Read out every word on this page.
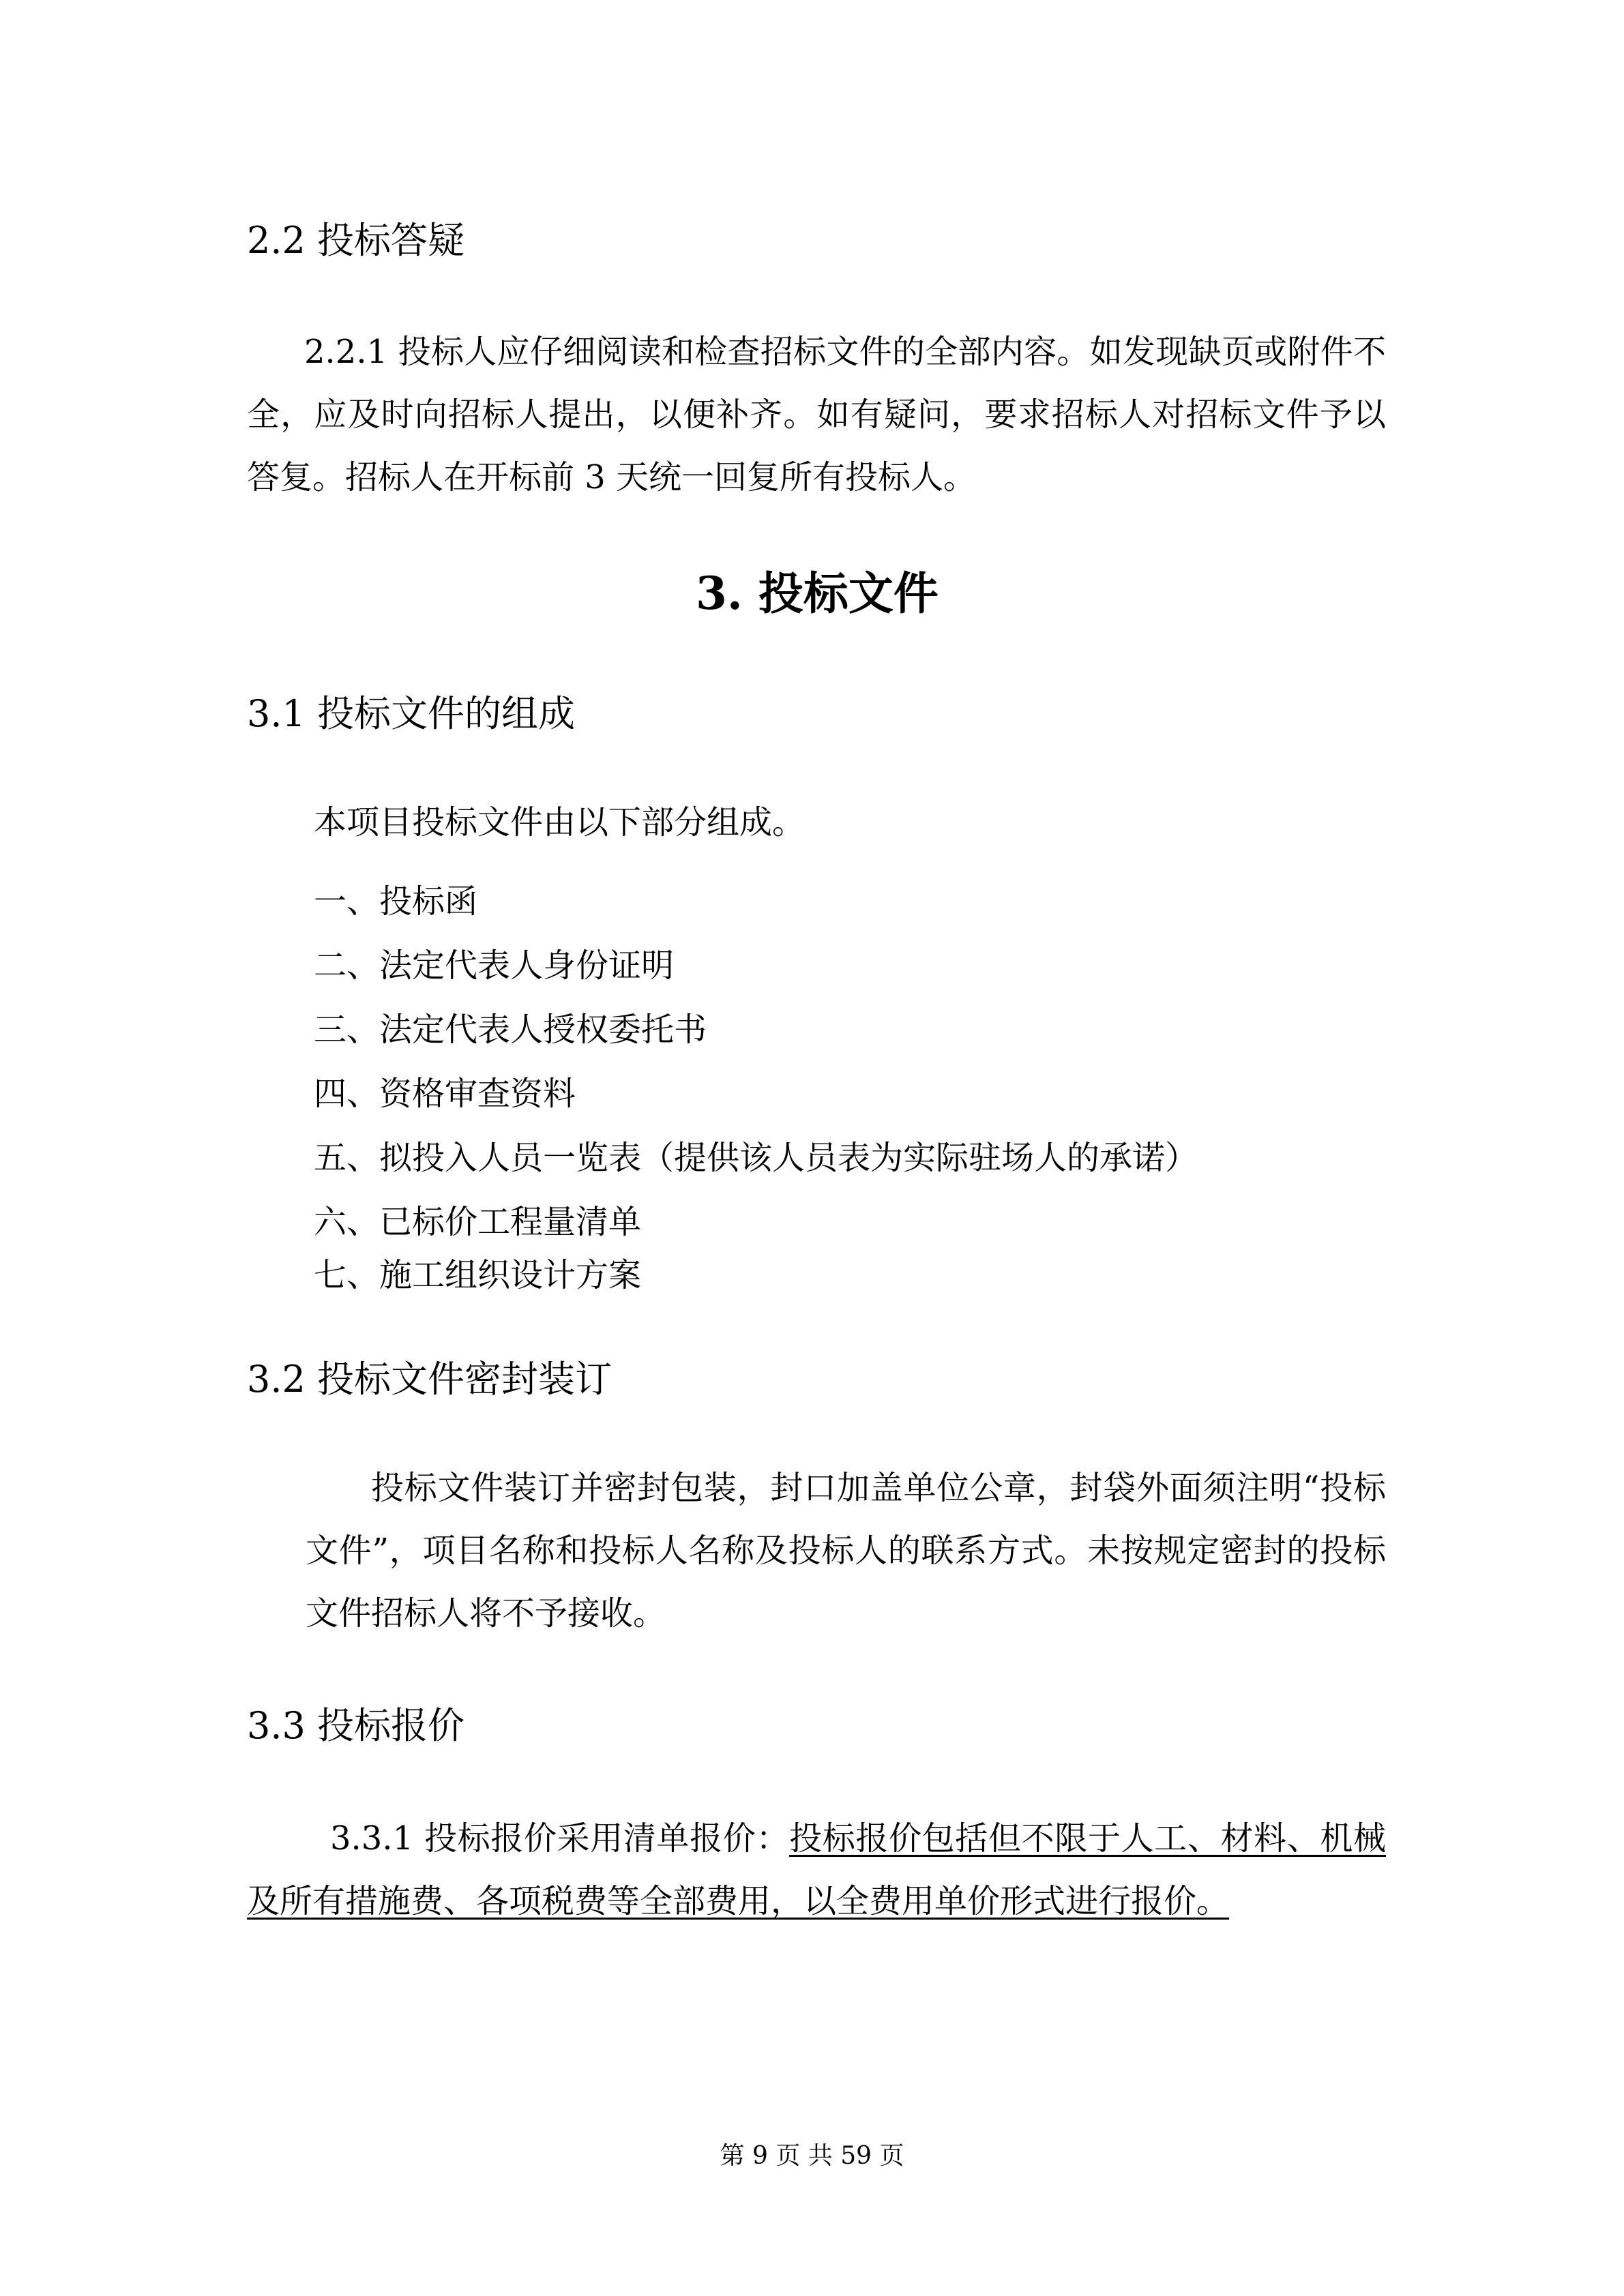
2.2 投标答疑
2.2.1 投标人应仔细阅读和检查招标文件的全部内容。如发现缺页或附件不全，应及时向招标人提出，以便补齐。如有疑问，要求招标人对招标文件予以答复。招标人在开标前 3 天统一回复所有投标人。
3. 投标文件
3.1 投标文件的组成
本项目投标文件由以下部分组成。
一、投标函
二、法定代表人身份证明
三、法定代表人授权委托书
四、资格审查资料
五、拟投入人员一览表（提供该人员表为实际驻场人的承诺）
六、已标价工程量清单
七、施工组织设计方案
3.2 投标文件密封装订
投标文件装订并密封包装，封口加盖单位公章，封袋外面须注明“投标文件”，项目名称和投标人名称及投标人的联系方式。未按规定密封的投标文件招标人将不予接收。
3.3 投标报价
3.3.1 投标报价采用清单报价：投标报价包括但不限于人工、材料、机械及所有措施费、各项税费等全部费用，以全费用单价形式进行报价。
第 9 页 共 59 页
